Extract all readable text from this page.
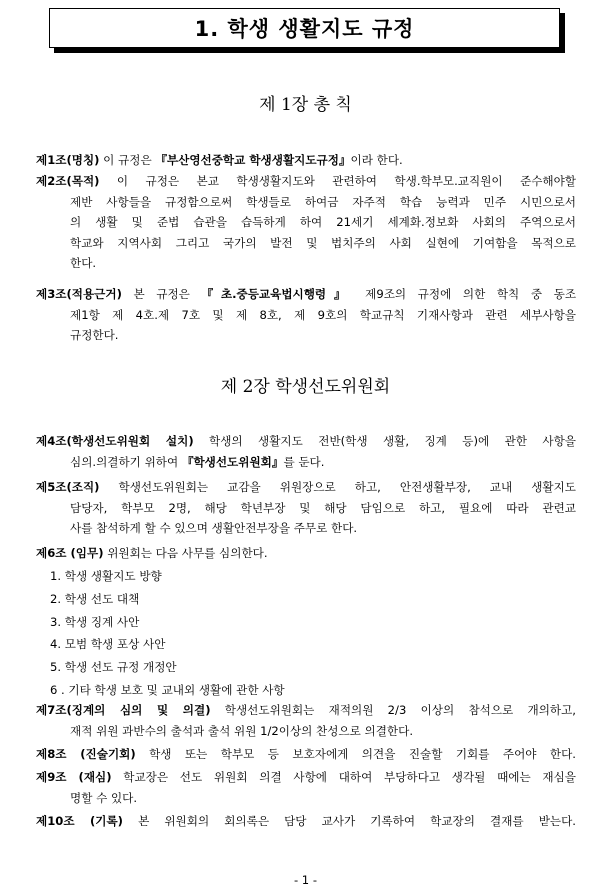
1. 학생 생활지도 규정
제 1장 총 칙
제1조(명칭) 이 규정은 『부산영선중학교 학생생활지도규정』이라 한다.
제2조(목적) 이 규정은 본교 학생생활지도와 관련하여 학생.학부모.교직원이 준수해야할
제반 사항들을 규정함으로써 학생들로 하여금 자주적 학습 능력과 민주 시민으로서
의 생활 및 준법 습관을 습득하게 하여 21세기 세계화.정보화 사회의 주역으로서
학교와 지역사회 그리고 국가의 발전 및 법치주의 사회 실현에 기여함을 목적으로
한다.
제3조(적용근거) 본 규정은 『초.중등교육법시행령』 제9조의 규정에 의한 학칙 중 동조
제1항 제 4호.제 7호 및 제 8호, 제 9호의 학교규칙 기재사항과 관련 세부사항을
규정한다.
제 2장 학생선도위원회
제4조(학생선도위원회 설치) 학생의 생활지도 전반(학생 생활, 징계 등)에 관한 사항을
심의.의결하기 위하여 『학생선도위원회』를 둔다.
제5조(조직) 학생선도위원회는 교감을 위원장으로 하고, 안전생활부장, 교내 생활지도
담당자, 학부모 2명, 해당 학년부장 및 해당 담임으로 하고, 필요에 따라 관련교
사를 참석하게 할 수 있으며 생활안전부장을 주무로 한다.
제6조 (임무) 위원회는 다음 사무를 심의한다.
1. 학생 생활지도 방향
2. 학생 선도 대책
3. 학생 징계 사안
4. 모범 학생 포상 사안
5. 학생 선도 규정 개정안
6 . 기타 학생 보호 및 교내외 생활에 관한 사항
제7조(징계의 심의 및 의결) 학생선도위원회는 재적의원 2/3 이상의 참석으로 개의하고,
재적 위원 과반수의 출석과 출석 위원 1/2이상의 찬성으로 의결한다.
제8조 (진술기회) 학생 또는 학부모 등 보호자에게 의견을 진술할 기회를 주어야 한다.
제9조 (재심) 학교장은 선도 위원회 의결 사항에 대하여 부당하다고 생각될 때에는 재심을
명할 수 있다.
제10조 (기록) 본 위원회의 회의록은 담당 교사가 기록하여 학교장의 결재를 받는다.
- 1 -
